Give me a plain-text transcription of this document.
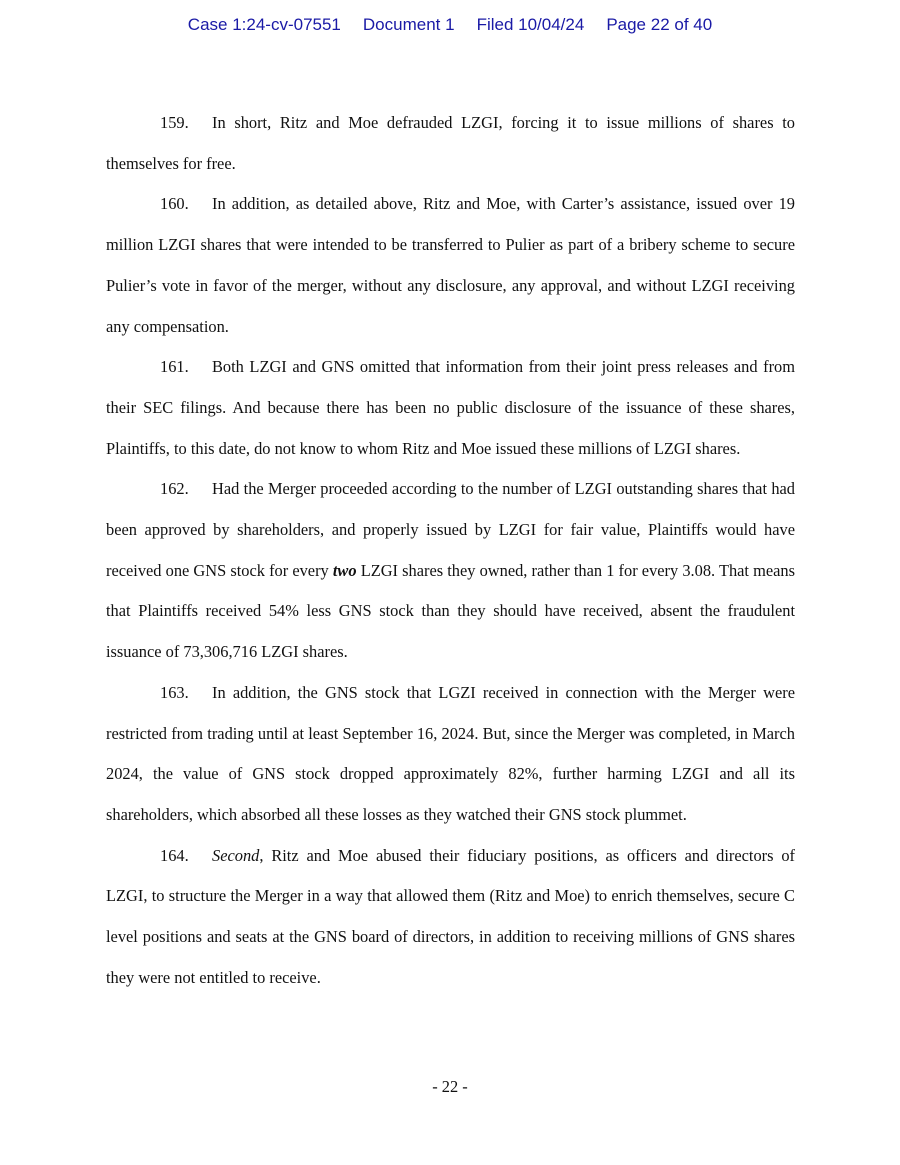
Case 1:24-cv-07551 Document 1 Filed 10/04/24 Page 22 of 40

159. In short, Ritz and Moe defrauded LZGI, forcing it to issue millions of shares to themselves for free.

160. In addition, as detailed above, Ritz and Moe, with Carter’s assistance, issued over 19 million LZGI shares that were intended to be transferred to Pulier as part of a bribery scheme to secure Pulier’s vote in favor of the merger, without any disclosure, any approval, and without LZGI receiving any compensation.

161. Both LZGI and GNS omitted that information from their joint press releases and from their SEC filings. And because there has been no public disclosure of the issuance of these shares, Plaintiffs, to this date, do not know to whom Ritz and Moe issued these millions of LZGI shares.

162. Had the Merger proceeded according to the number of LZGI outstanding shares that had been approved by shareholders, and properly issued by LZGI for fair value, Plaintiffs would have received one GNS stock for every two LZGI shares they owned, rather than 1 for every 3.08. That means that Plaintiffs received 54% less GNS stock than they should have received, absent the fraudulent issuance of 73,306,716 LZGI shares.

163. In addition, the GNS stock that LGZI received in connection with the Merger were restricted from trading until at least September 16, 2024. But, since the Merger was completed, in March 2024, the value of GNS stock dropped approximately 82%, further harming LZGI and all its shareholders, which absorbed all these losses as they watched their GNS stock plummet.

164. Second, Ritz and Moe abused their fiduciary positions, as officers and directors of LZGI, to structure the Merger in a way that allowed them (Ritz and Moe) to enrich themselves, secure C level positions and seats at the GNS board of directors, in addition to receiving millions of GNS shares they were not entitled to receive.

- 22 -
